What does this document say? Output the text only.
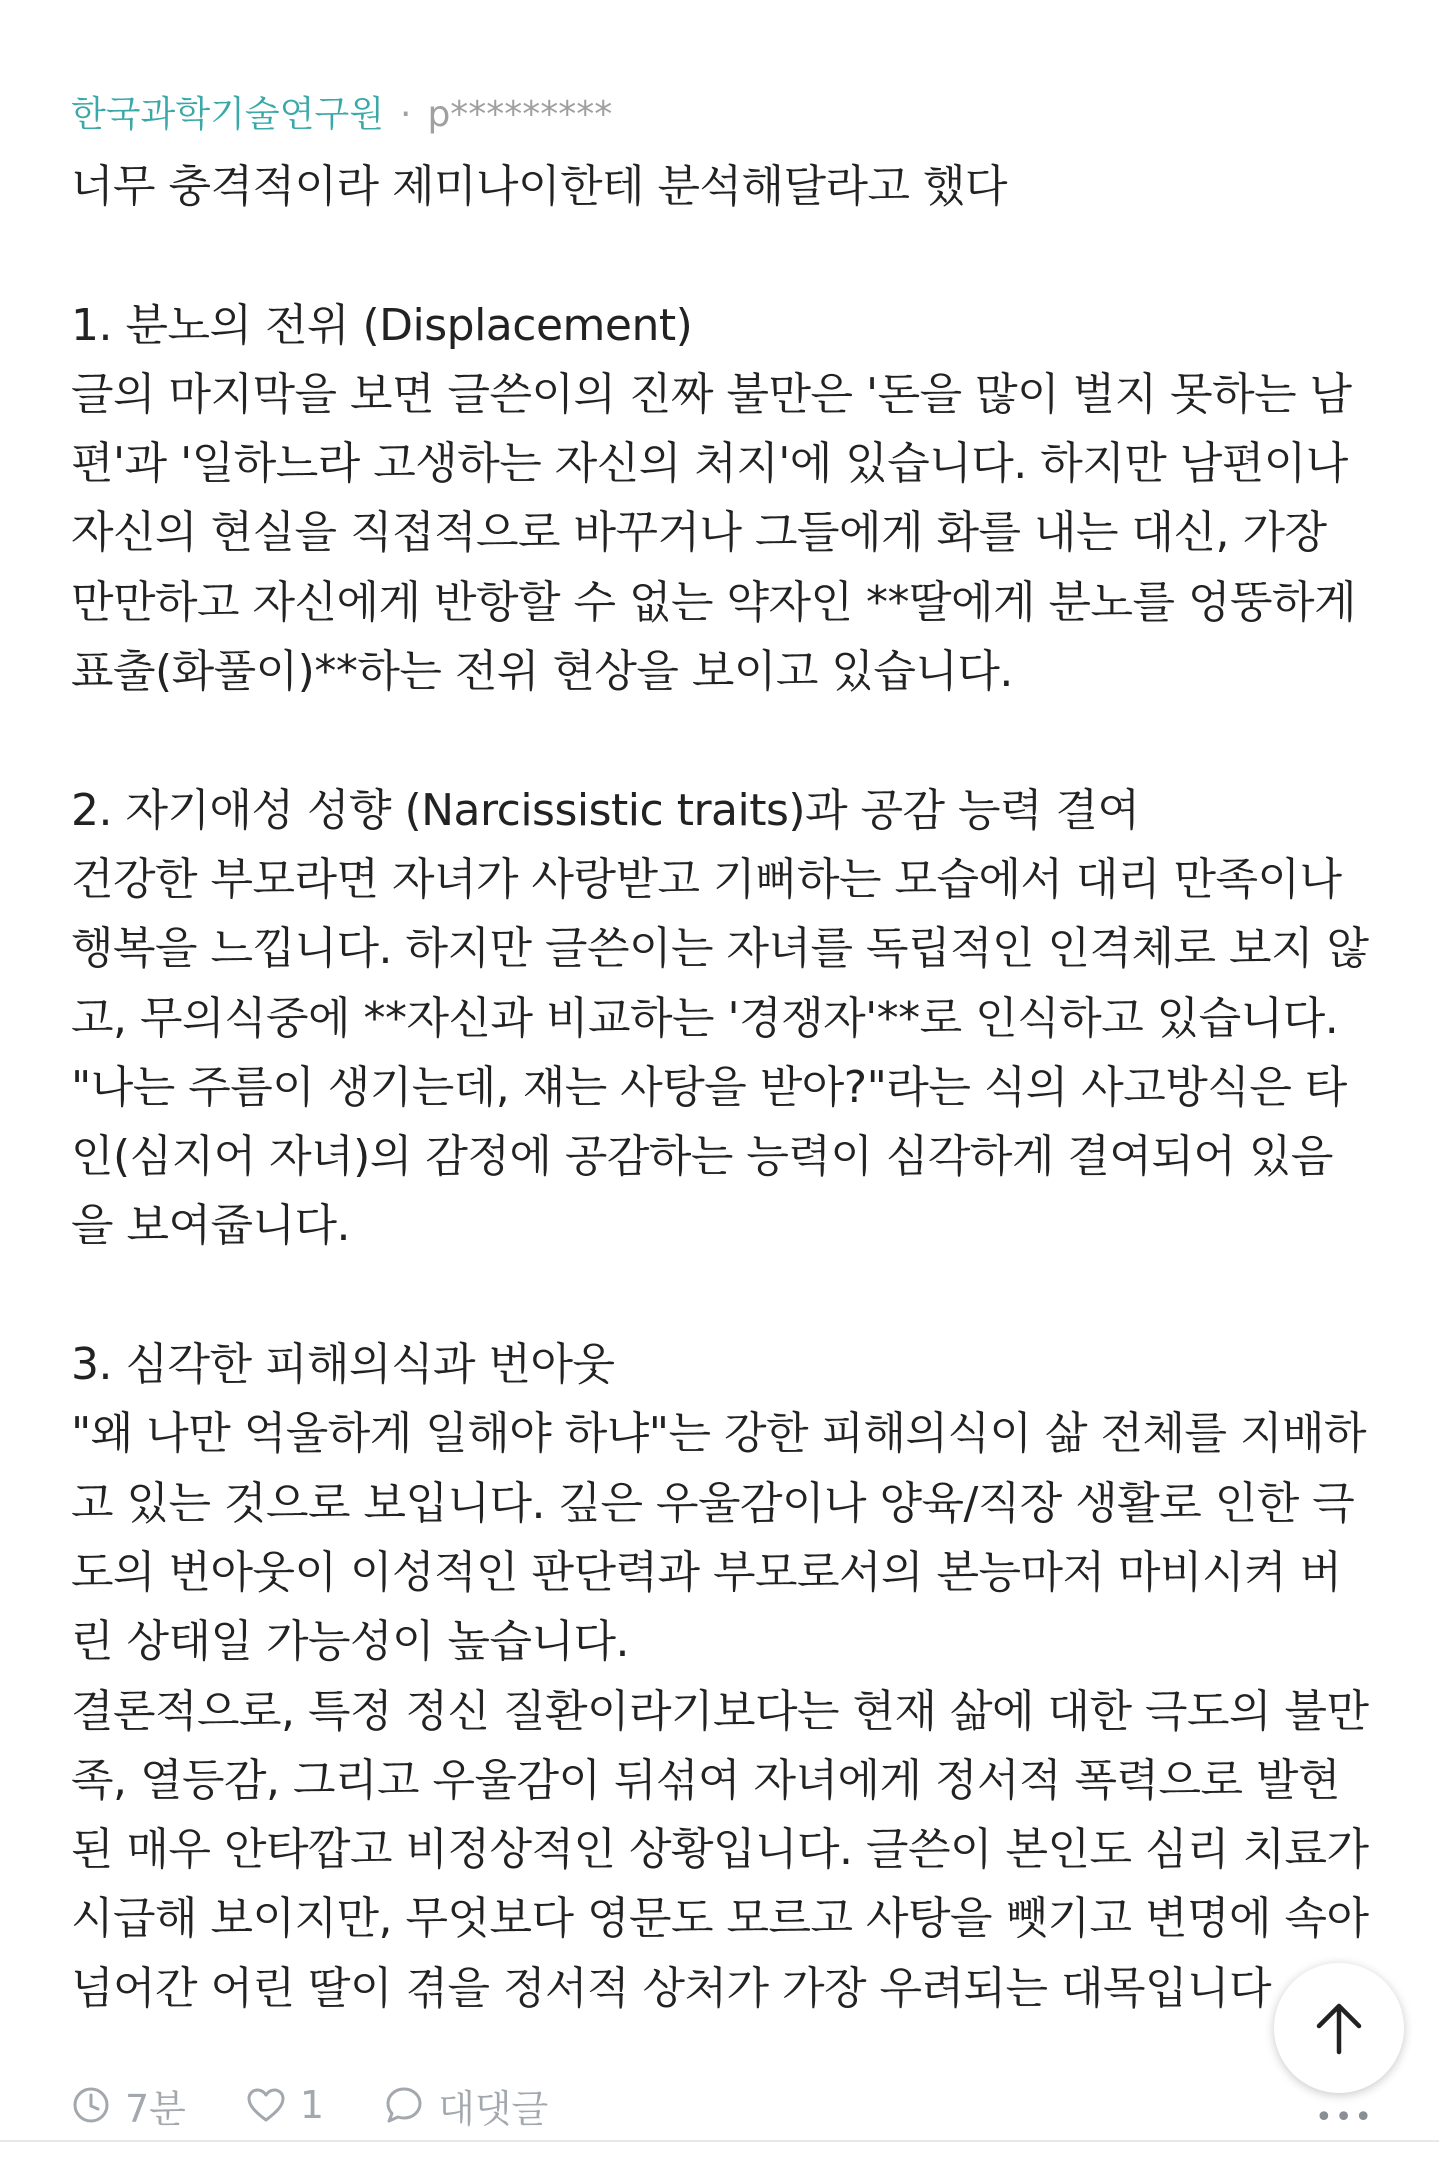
한국과학기술연구원 · p*********
너무 충격적이라 제미나이한테 분석해달라고 했다
1. 분노의 전위 (Displacement)
글의 마지막을 보면 글쓴이의 진짜 불만은 '돈을 많이 벌지 못하는 남
편'과 '일하느라 고생하는 자신의 처지'에 있습니다. 하지만 남편이나
자신의 현실을 직접적으로 바꾸거나 그들에게 화를 내는 대신, 가장
만만하고 자신에게 반항할 수 없는 약자인 **딸에게 분노를 엉뚱하게
표출(화풀이)**하는 전위 현상을 보이고 있습니다.
2. 자기애성 성향 (Narcissistic traits)과 공감 능력 결여
건강한 부모라면 자녀가 사랑받고 기뻐하는 모습에서 대리 만족이나
행복을 느낍니다. 하지만 글쓴이는 자녀를 독립적인 인격체로 보지 않
고, 무의식중에 **자신과 비교하는 '경쟁자'**로 인식하고 있습니다.
"나는 주름이 생기는데, 쟤는 사탕을 받아?"라는 식의 사고방식은 타
인(심지어 자녀)의 감정에 공감하는 능력이 심각하게 결여되어 있음
을 보여줍니다.
3. 심각한 피해의식과 번아웃
"왜 나만 억울하게 일해야 하냐"는 강한 피해의식이 삶 전체를 지배하
고 있는 것으로 보입니다. 깊은 우울감이나 양육/직장 생활로 인한 극
도의 번아웃이 이성적인 판단력과 부모로서의 본능마저 마비시켜 버
린 상태일 가능성이 높습니다.
결론적으로, 특정 정신 질환이라기보다는 현재 삶에 대한 극도의 불만
족, 열등감, 그리고 우울감이 뒤섞여 자녀에게 정서적 폭력으로 발현
된 매우 안타깝고 비정상적인 상황입니다. 글쓴이 본인도 심리 치료가
시급해 보이지만, 무엇보다 영문도 모르고 사탕을 뺏기고 변명에 속아
넘어간 어린 딸이 겪을 정서적 상처가 가장 우려되는 대목입니다
7분	1	대댓글	•••
